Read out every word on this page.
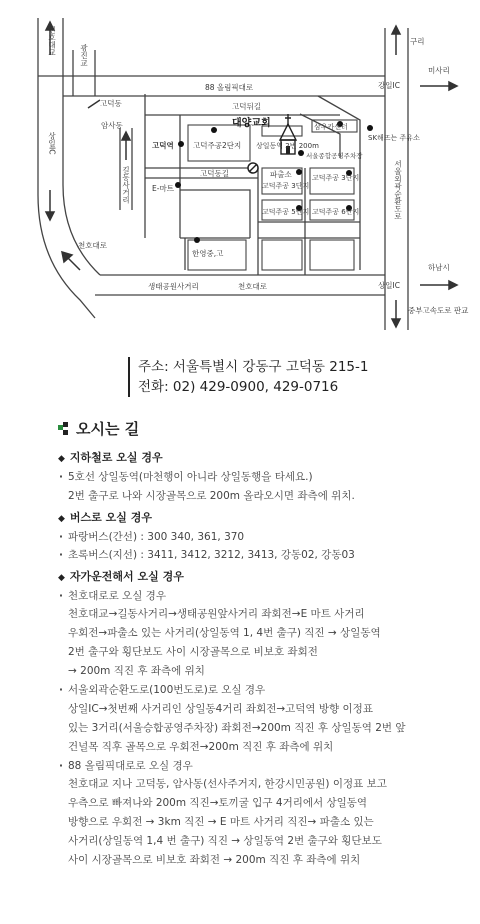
천호대교	광진교
88 올림픽대로
고덕뒤길
고덕동길
천호대로
천호대로
서울외곽순환도로
고덕동
암사동
길동사거리
상일IC
강일IC
상일IC
구리
미사리
하남시
중부고속도로 판교
고덕역
E-마트
고덕주공2단지 상일동역 2번 200m
삼우카센터
SK해뜨는 주유소
서울종합공영주차장
파출소
고덕주공 3단지
고덕주공 3단지
고덕주공 5단지 고덕주공 6단지
한영중,고
생태공원사거리
대양교회
주소: 서울특별시 강동구 고덕동 215-1
전화: 02) 429-0900, 429-0716
오시는 길
◆ 지하철로 오실 경우
· 5호선 상일동역(마천행이 아니라 상일동행을 타세요.)
2번 출구로 나와 시장골목으로 200m 올라오시면 좌측에 위치.
◆ 버스로 오실 경우
· 파랑버스(간선) : 300 340, 361, 370
· 초록버스(지선) : 3411, 3412, 3212, 3413, 강동02, 강동03
◆ 자가운전해서 오실 경우
· 천호대로로 오실 경우
천호대교→길동사거리→생태공원앞사거리 좌회전→E 마트 사거리
우회전→파출소 있는 사거리(상일동역 1, 4번 출구) 직진 → 상일동역
2번 출구와 횡단보도 사이 시장골목으로 비보호 좌회전
→ 200m 직진 후 좌측에 위치
· 서울외곽순환도로(100번도로)로 오실 경우
상일IC→첫번째 사거리인 상일동4거리 좌회전→고덕역 방향 이정표
있는 3거리(서울승합공영주차장) 좌회전→200m 직진 후 상일동역 2번 앞
건널목 직후 골목으로 우회전→200m 직진 후 좌측에 위치
· 88 올림픽대로로 오실 경우
천호대교 지나 고덕동, 암사동(선사주거지, 한강시민공원) 이정표 보고
우측으로 빠져나와 200m 직진→토끼굴 입구 4거리에서 상일동역
방향으로 우회전 → 3km 직진 → E 마트 사거리 직진→ 파출소 있는
사거리(상일동역 1,4 번 출구) 직진 → 상일동역 2번 출구와 횡단보도
사이 시장골목으로 비보호 좌회전 → 200m 직진 후 좌측에 위치
